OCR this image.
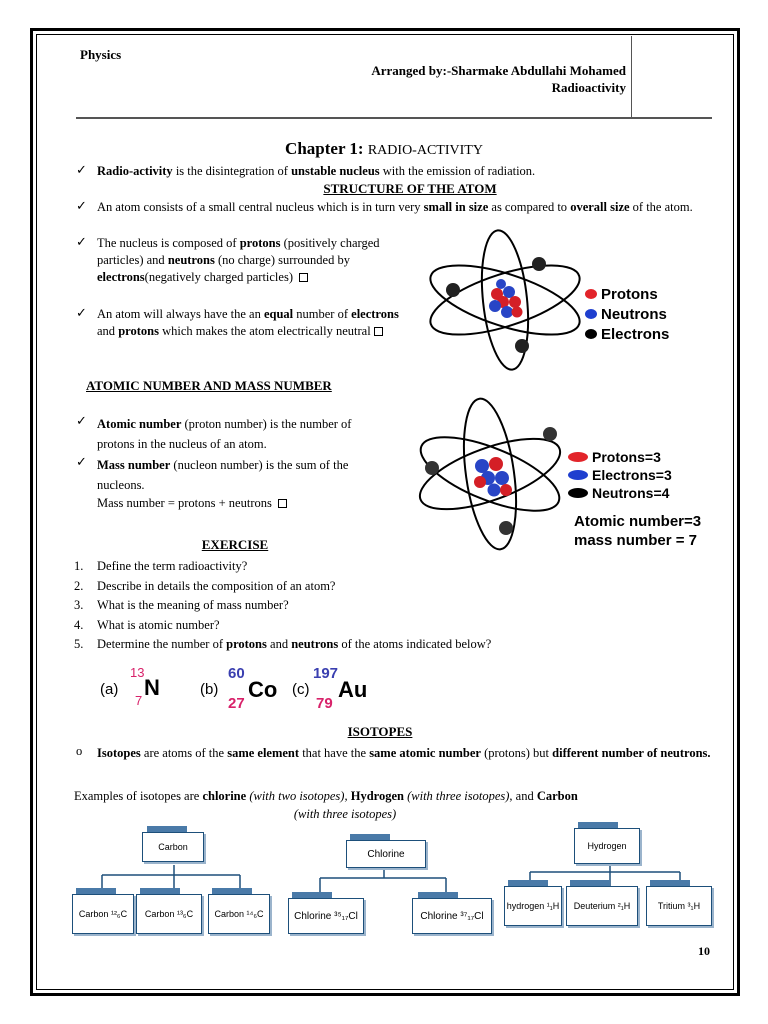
Physics
Arranged by:-Sharmake Abdullahi Mohamed
Radioactivity
Chapter 1: RADIO-ACTIVITY
✓ Radio-activity is the disintegration of unstable nucleus with the emission of radiation.
STRUCTURE OF THE ATOM
✓ An atom consists of a small central nucleus which is in turn very small in size as compared to overall size of the atom.
✓ The nucleus is composed of protons (positively charged particles) and neutrons (no charge) surrounded by electrons(negatively charged particles)
✓ An atom will always have the an equal number of electrons and protons which makes the atom electrically neutral
Protons
Neutrons
Electrons
ATOMIC NUMBER AND MASS NUMBER
✓ Atomic number (proton number) is the number of protons in the nucleus of an atom.
✓ Mass number (nucleon number) is the sum of the nucleons.
Mass number = protons + neutrons
Protons=3
Electrons=3
Neutrons=4
Atomic number=3
mass number = 7
EXERCISE
1.
2.
3.
4.
5.
Define the term radioactivity?
Describe in details the composition of an atom?
What is the meaning of mass number?
What is atomic number?
Determine the number of protons and neutrons of the atoms indicated below?
(a)
13
7
N	(b)
60
27
Co (c)
197
79
Au
ISOTOPES
o Isotopes are atoms of the same element that have the same atomic number (protons) but different number of neutrons.
Examples of isotopes are chlorine (with two isotopes), Hydrogen (with three isotopes), and Carbon
(with three isotopes)
Carbon
Carbon ¹²₆C	Carbon ¹³₆C	Carbon ¹⁴₆C
Chlorine
Chlorine ³⁵₁₇Cl	Chlorine ³⁷₁₇Cl
Hydrogen
hydrogen ¹₁H	Deuterium ²₁H	Tritium ³₁H
10
